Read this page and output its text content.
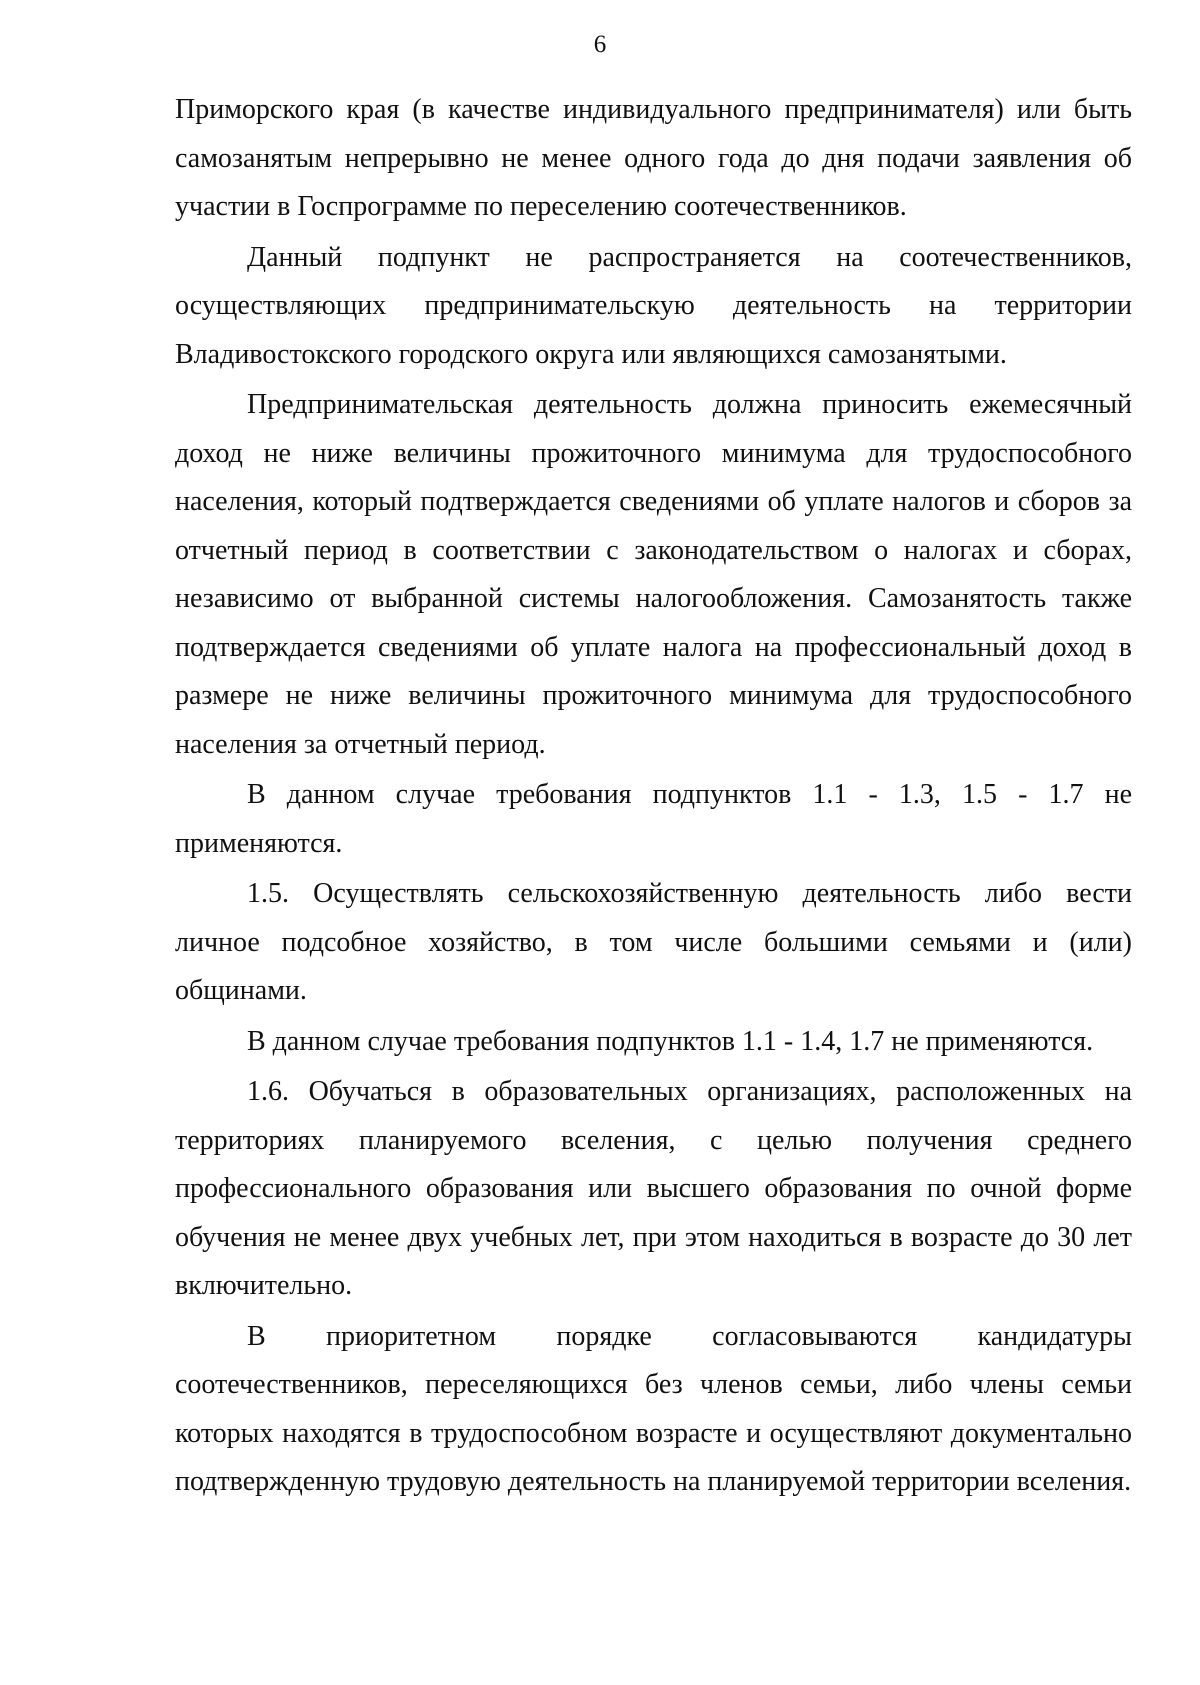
6

Приморского края (в качестве индивидуального предпринимателя) или быть самозанятым непрерывно не менее одного года до дня подачи заявления об участии в Госпрограмме по переселению соотечественников.

Данный подпункт не распространяется на соотечественников, осуществляющих предпринимательскую деятельность на территории Владивостокского городского округа или являющихся самозанятыми.

Предпринимательская деятельность должна приносить ежемесячный доход не ниже величины прожиточного минимума для трудоспособного населения, который подтверждается сведениями об уплате налогов и сборов за отчетный период в соответствии с законодательством о налогах и сборах, независимо от выбранной системы налогообложения. Самозанятость также подтверждается сведениями об уплате налога на профессиональный доход в размере не ниже величины прожиточного минимума для трудоспособного населения за отчетный период.

В данном случае требования подпунктов 1.1 - 1.3, 1.5 - 1.7 не применяются.

1.5. Осуществлять сельскохозяйственную деятельность либо вести личное подсобное хозяйство, в том числе большими семьями и (или) общинами.

В данном случае требования подпунктов 1.1 - 1.4, 1.7 не применяются.

1.6. Обучаться в образовательных организациях, расположенных на территориях планируемого вселения, с целью получения среднего профессионального образования или высшего образования по очной форме обучения не менее двух учебных лет, при этом находиться в возрасте до 30 лет включительно.

В приоритетном порядке согласовываются кандидатуры соотечественников, переселяющихся без членов семьи, либо члены семьи которых находятся в трудоспособном возрасте и осуществляют документально подтвержденную трудовую деятельность на планируемой территории вселения.
